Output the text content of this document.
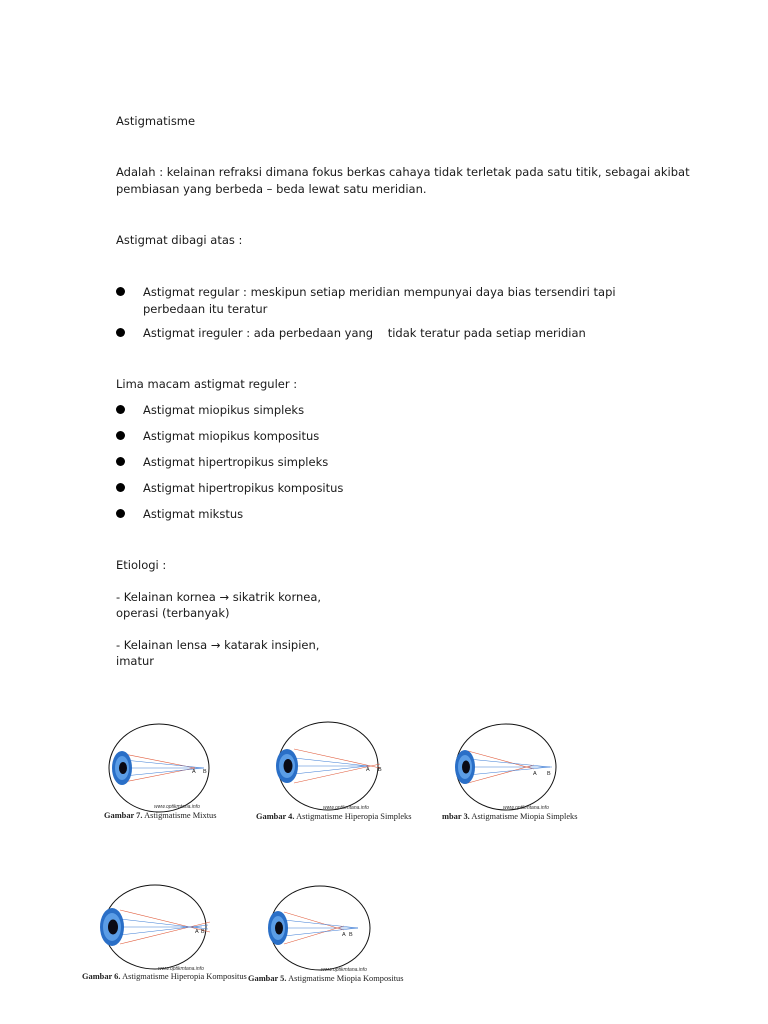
Astigmatisme
Adalah : kelainan refraksi dimana fokus berkas cahaya tidak terletak pada satu titik, sebagai akibat
pembiasan yang berbeda – beda lewat satu meridian.
Astigmat dibagi atas :
Astigmat regular : meskipun setiap meridian mempunyai daya bias tersendiri tapi perbedaan itu teratur
Astigmat ireguler : ada perbedaan yang    tidak teratur pada setiap meridian
Lima macam astigmat reguler :
Astigmat miopikus simpleks
Astigmat miopikus kompositus
Astigmat hipertropikus simpleks
Astigmat hipertropikus kompositus
Astigmat mikstus
Etiologi :
- Kelainan kornea → sikatrik kornea,
operasi (terbanyak)
- Kelainan lensa → katarak insipien,
imatur
A B
www.optikmtana.info
Gambar 7. Astigmatisme Mixtus
A B
www.optikmtana.info
Gambar 4. Astigmatisme Hiperopia Simpleks
A B
www.optikmtana.info
mbar 3. Astigmatisme Miopia Simpleks
A B
www.optikmtana.info
Gambar 6. Astigmatisme Hiperopia Kompositus
A B
www.optikmtana.info
Gambar 5. Astigmatisme Miopia Kompositus
